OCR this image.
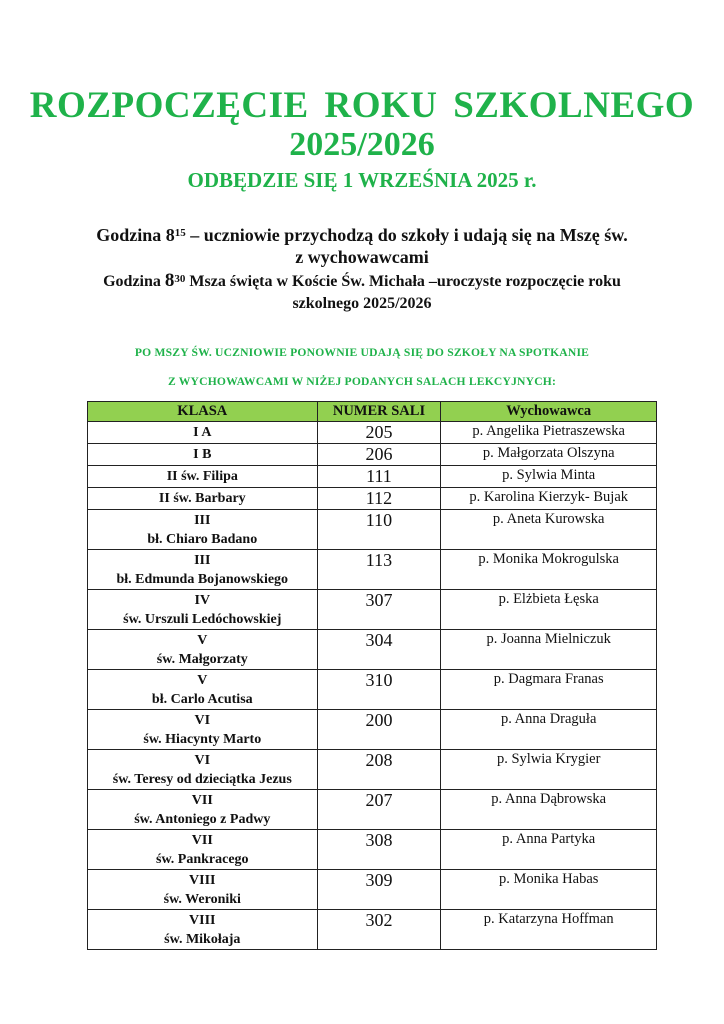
ROZPOCZĘCIE ROKU SZKOLNEGO
2025/2026
ODBĘDZIE SIĘ 1 WRZEŚNIA 2025 r.
Godzina $8^{15}$ – uczniowie przychodzą do szkoły i udają się na Mszę św.
z wychowawcami
Godzina $8^{30}$ Msza święta w Koście Św. Michała –uroczyste rozpoczęcie roku
szkolnego 2025/2026
PO MSZY ŚW. UCZNIOWIE PONOWNIE UDAJĄ SIĘ DO SZKOŁY NA SPOTKANIE
Z WYCHOWAWCAMI W NIŻEJ PODANYCH SALACH LEKCYJNYCH:
KLASA	NUMER SALI	Wychowawca
I A	205	p. Angelika Pietraszewska
I B	206	p. Małgorzata Olszyna
II św. Filipa	111	p. Sylwia Minta
II św. Barbary	112	p. Karolina Kierzyk- Bujak
III
bł. Chiaro Badano	110	p. Aneta Kurowska
III
bł. Edmunda Bojanowskiego	113	p. Monika Mokrogulska
IV
św. Urszuli Ledóchowskiej	307	p. Elżbieta Łęska
V
św. Małgorzaty	304	p. Joanna Mielniczuk
V
bł. Carlo Acutisa	310	p. Dagmara Franas
VI
św. Hiacynty Marto	200	p. Anna Draguła
VI
św. Teresy od dzieciątka Jezus	208	p. Sylwia Krygier
VII
św. Antoniego z Padwy	207	p. Anna Dąbrowska
VII
św. Pankracego	308	p. Anna Partyka
VIII
św. Weroniki	309	p. Monika Habas
VIII
św. Mikołaja	302	p. Katarzyna Hoffman
